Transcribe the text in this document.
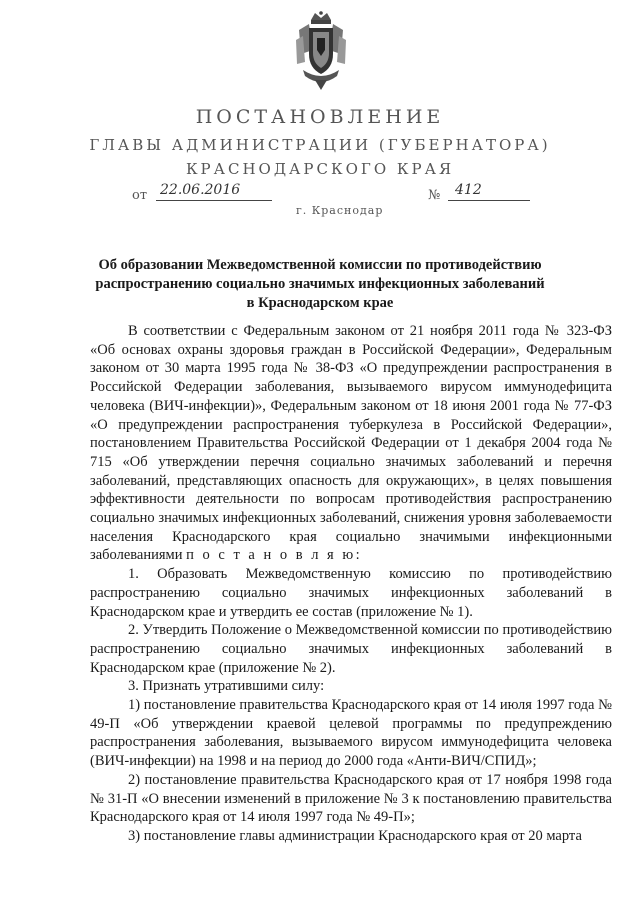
ПОСТАНОВЛЕНИЕ
ГЛАВЫ АДМИНИСТРАЦИИ (ГУБЕРНАТОРА)
КРАСНОДАРСКОГО КРАЯ
от 22.06.2016	№ 412
г. Краснодар
Об образовании Межведомственной комиссии по противодействию распространению социально значимых инфекционных заболеваний в Краснодарском крае

В соответствии с Федеральным законом от 21 ноября 2011 года № 323-ФЗ «Об основах охраны здоровья граждан в Российской Федерации», Федеральным законом от 30 марта 1995 года № 38-ФЗ «О предупреждении распространения в Российской Федерации заболевания, вызываемого вирусом иммунодефицита человека (ВИЧ-инфекции)», Федеральным законом от 18 июня 2001 года № 77-ФЗ «О предупреждении распространения туберкулеза в Российской Федерации», постановлением Правительства Российской Федерации от 1 декабря 2004 года № 715 «Об утверждении перечня социально значимых заболеваний и перечня заболеваний, представляющих опасность для окружающих», в целях повышения эффективности деятельности по вопросам противодействия распространению социально значимых инфекционных заболеваний, снижения уровня заболеваемости населения Краснодарского края социально значимыми инфекционными заболеваниями п о с т а н о в л я ю:

1. Образовать Межведомственную комиссию по противодействию распространению социально значимых инфекционных заболеваний в Краснодарском крае и утвердить ее состав (приложение № 1).

2. Утвердить Положение о Межведомственной комиссии по противодействию распространению социально значимых инфекционных заболеваний в Краснодарском крае (приложение № 2).

3. Признать утратившими силу:

1) постановление правительства Краснодарского края от 14 июля 1997 года № 49-П «Об утверждении краевой целевой программы по предупреждению распространения заболевания, вызываемого вирусом иммунодефицита человека (ВИЧ-инфекции) на 1998 и на период до 2000 года «Анти-ВИЧ/СПИД»;

2) постановление правительства Краснодарского края от 17 ноября 1998 года № 31-П «О внесении изменений в приложение № 3 к постановлению правительства Краснодарского края от 14 июля 1997 года № 49-П»;

3) постановление главы администрации Краснодарского края от 20 марта
